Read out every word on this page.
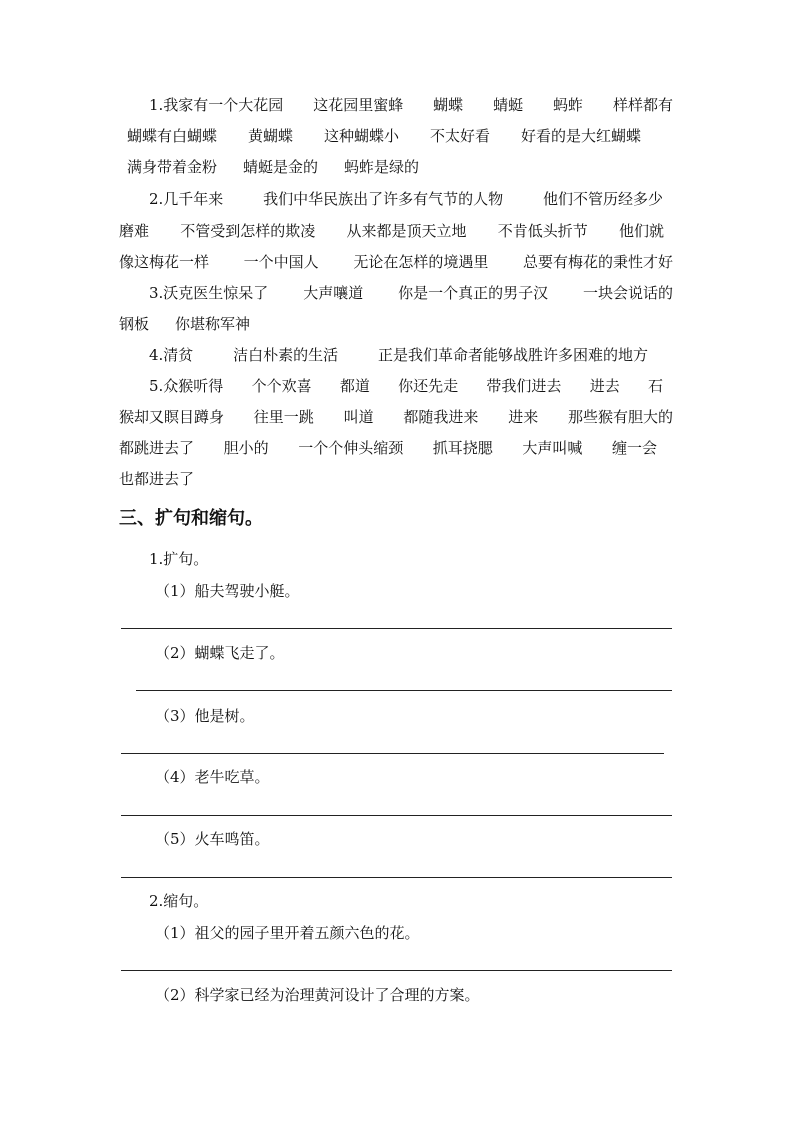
1.我家有一个大花园 这花园里蜜蜂 蝴蝶 蜻蜓 蚂蚱 样样都有
蝴蝶有白蝴蝶 黄蝴蝶 这种蝴蝶小 不太好看 好看的是大红蝴蝶
满身带着金粉 蜻蜓是金的 蚂蚱是绿的
2.几千年来	我们中华民族出了许多有气节的人物	他们不管历经多少
磨难 不管受到怎样的欺凌 从来都是顶天立地 不肯低头折节 他们就
像这梅花一样 一个中国人 无论在怎样的境遇里 总要有梅花的秉性才好
3.沃克医生惊呆了 大声嚷道 你是一个真正的男子汉 一块会说话的
钢板 你堪称军神
4.清贫	洁白朴素的生活	正是我们革命者能够战胜许多困难的地方
5.众猴听得 个个欢喜 都道 你还先走 带我们进去 进去 石
猴却又瞑目蹲身 往里一跳 叫道 都随我进来 进来 那些猴有胆大的
都跳进去了 胆小的 一个个伸头缩颈 抓耳挠腮 大声叫喊 缠一会
也都进去了
三、扩句和缩句。
1.扩句。
（1）船夫驾驶小艇。
（2）蝴蝶飞走了。
（3）他是树。
（4）老牛吃草。
（5）火车鸣笛。
2.缩句。
（1）祖父的园子里开着五颜六色的花。
（2）科学家已经为治理黄河设计了合理的方案。
